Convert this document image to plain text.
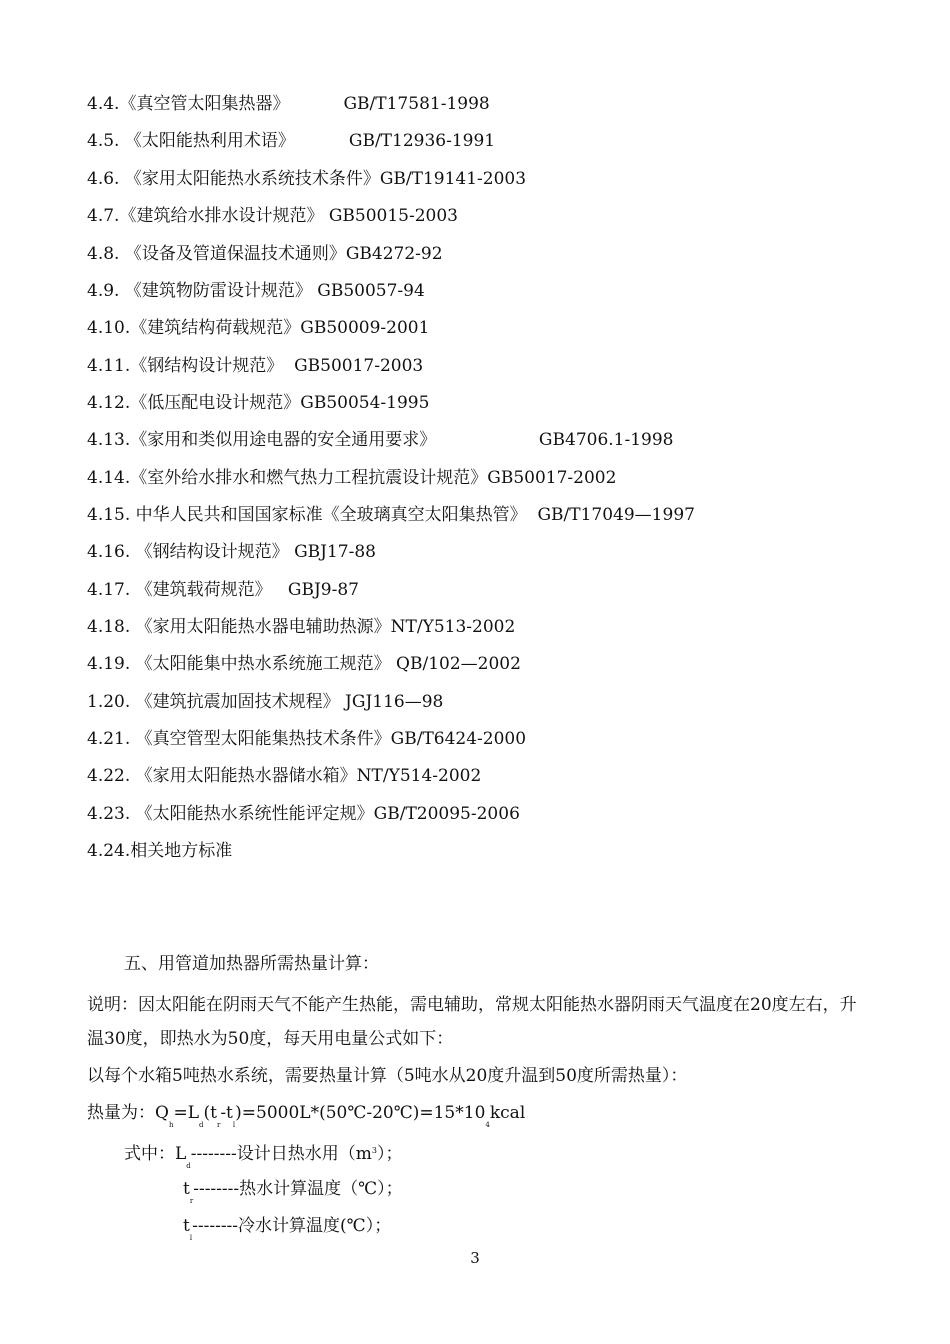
4.4.《真空管太阳集热器》          GB/T17581-1998
4.5. 《太阳能热利用术语》          GB/T12936-1991
4.6. 《家用太阳能热水系统技术条件》GB/T19141-2003
4.7.《建筑给水排水设计规范》 GB50015-2003
4.8. 《设备及管道保温技术通则》GB4272-92
4.9. 《建筑物防雷设计规范》 GB50057-94
4.10.《建筑结构荷载规范》GB50009-2001
4.11.《钢结构设计规范》  GB50017-2003
4.12.《低压配电设计规范》GB50054-1995
4.13.《家用和类似用途电器的安全通用要求》                   GB4706.1-1998
4.14.《室外给水排水和燃气热力工程抗震设计规范》GB50017-2002
4.15. 中华人民共和国国家标准《全玻璃真空太阳集热管》  GB/T17049—1997
4.16. 《钢结构设计规范》 GBJ17-88
4.17. 《建筑载荷规范》   GBJ9-87
4.18. 《家用太阳能热水器电辅助热源》NT/Y513-2002
4.19. 《太阳能集中热水系统施工规范》 QB/102—2002
1.20. 《建筑抗震加固技术规程》 JGJ116—98
4.21. 《真空管型太阳能集热技术条件》GB/T6424-2000
4.22. 《家用太阳能热水器储水箱》NT/Y514-2002
4.23. 《太阳能热水系统性能评定规》GB/T20095-2006
4.24.相关地方标准
五、用管道加热器所需热量计算：
说明：因太阳能在阴雨天气不能产生热能，需电辅助，常规太阳能热水器阴雨天气温度在20度左右，升温30度，即热水为50度，每天用电量公式如下：
以每个水箱5吨热水系统，需要热量计算（5吨水从20度升温到50度所需热量）：
热量为：$Q_h=L_d(t_r-t_l)=5000L*(50℃-20℃)=15*10_4kcal$
式中：$L_d--------$设计日热水用$(m^3)$；
$t_r--------$热水计算温度（℃）；
$t_l--------$冷水计算温度(℃）；
3
